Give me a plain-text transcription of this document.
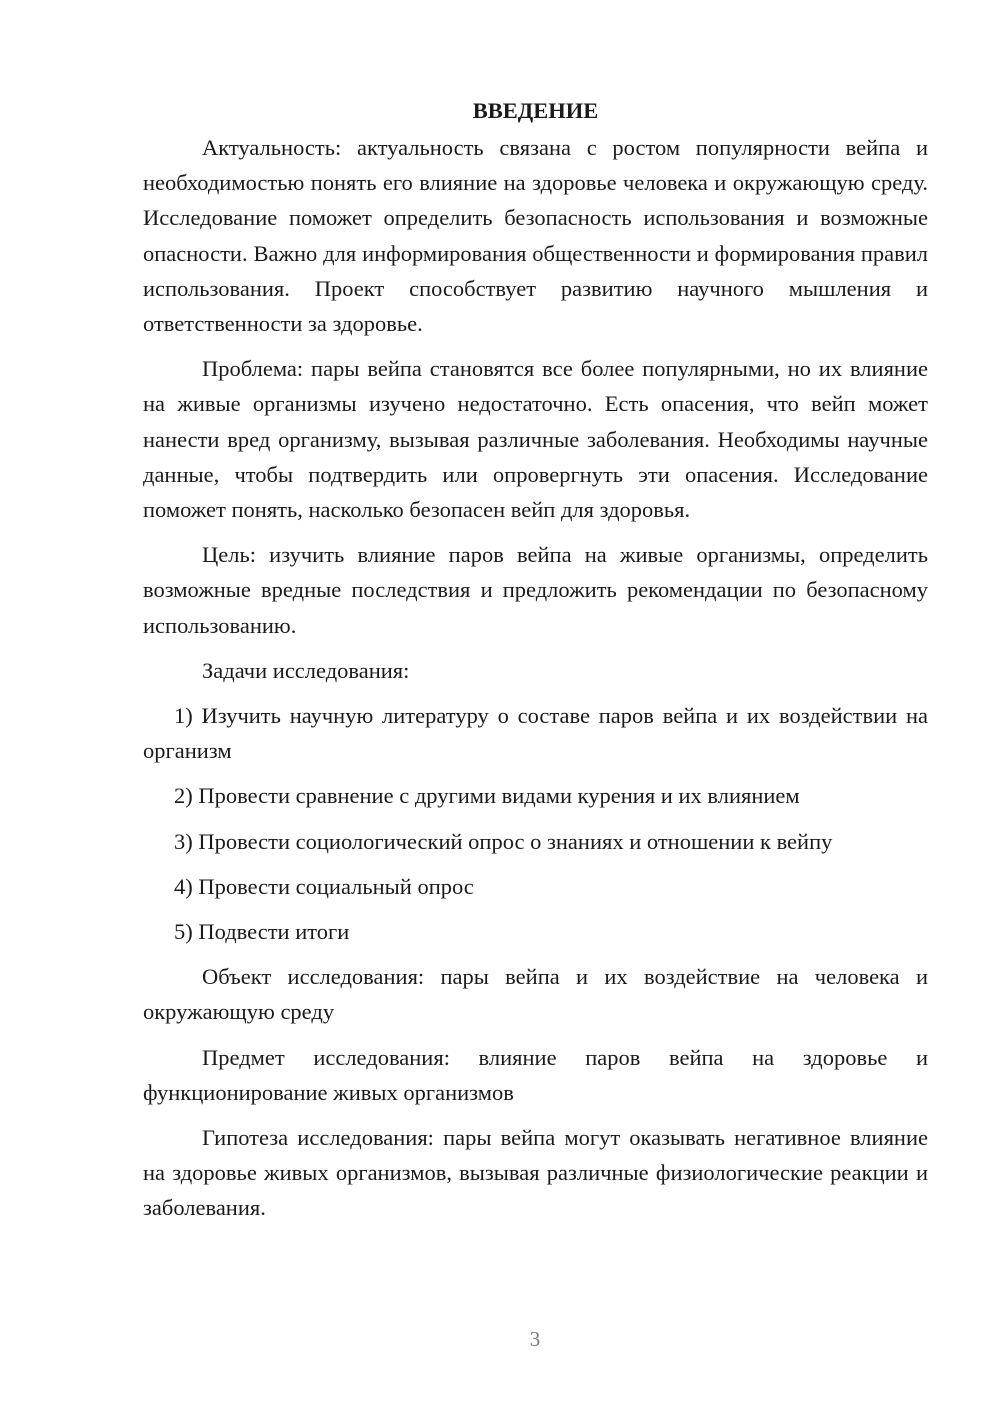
ВВЕДЕНИЕ
Актуальность: актуальность связана с ростом популярности вейпа и необходимостью понять его влияние на здоровье человека и окружающую среду. Исследование поможет определить безопасность использования и возможные опасности. Важно для информирования общественности и формирования правил использования. Проект способствует развитию научного мышления и ответственности за здоровье.
Проблема: пары вейпа становятся все более популярными, но их влияние на живые организмы изучено недостаточно. Есть опасения, что вейп может нанести вред организму, вызывая различные заболевания. Необходимы научные данные, чтобы подтвердить или опровергнуть эти опасения. Исследование поможет понять, насколько безопасен вейп для здоровья.
Цель: изучить влияние паров вейпа на живые организмы, определить возможные вредные последствия и предложить рекомендации по безопасному использованию.
Задачи исследования:
1) Изучить научную литературу о составе паров вейпа и их воздействии на организм
2) Провести сравнение с другими видами курения и их влиянием
3) Провести социологический опрос о знаниях и отношении к вейпу
4) Провести социальный опрос
5) Подвести итоги
Объект исследования: пары вейпа и их воздействие на человека и окружающую среду
Предмет исследования: влияние паров вейпа на здоровье и функционирование живых организмов
Гипотеза исследования: пары вейпа могут оказывать негативное влияние на здоровье живых организмов, вызывая различные физиологические реакции и заболевания.
3
